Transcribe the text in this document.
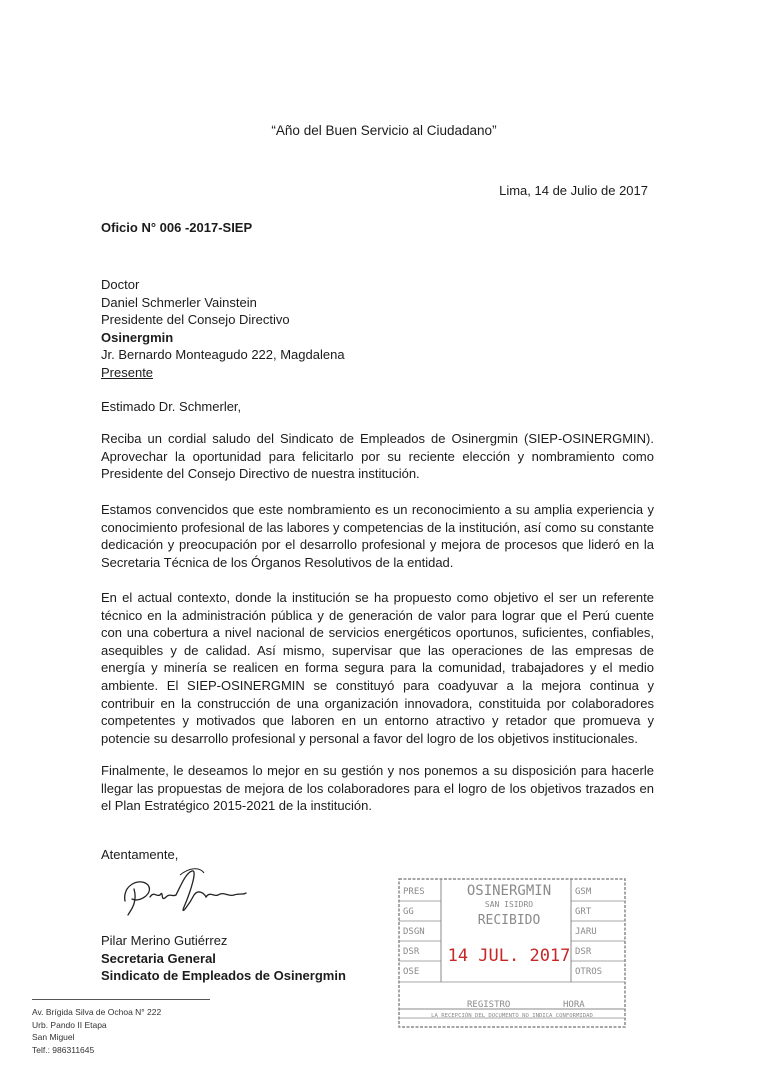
“Año del Buen Servicio al Ciudadano”
Lima, 14 de Julio de 2017
Oficio N° 006 -2017-SIEP
Doctor
Daniel Schmerler Vainstein
Presidente del Consejo Directivo
Osinergmin
Jr. Bernardo Monteagudo 222, Magdalena
Presente
Estimado Dr. Schmerler,
Reciba un cordial saludo del Sindicato de Empleados de Osinergmin (SIEP-OSINERGMIN). Aprovechar la oportunidad para felicitarlo por su reciente elección y nombramiento como Presidente del Consejo Directivo de nuestra institución.
Estamos convencidos que este nombramiento es un reconocimiento a su amplia experiencia y conocimiento profesional de las labores y competencias de la institución, así como su constante dedicación y preocupación por el desarrollo profesional y mejora de procesos que lideró en la Secretaria Técnica de los Órganos Resolutivos de la entidad.
En el actual contexto, donde la institución se ha propuesto como objetivo el ser un referente técnico en la administración pública y de generación de valor para lograr que el Perú cuente con una cobertura a nivel nacional de servicios energéticos oportunos, suficientes, confiables, asequibles y de calidad. Así mismo, supervisar que las operaciones de las empresas de energía y minería se realicen en forma segura para la comunidad, trabajadores y el medio ambiente. El SIEP-OSINERGMIN se constituyó para coadyuvar a la mejora continua y contribuir en la construcción de una organización innovadora, constituida por colaboradores competentes y motivados que laboren en un entorno atractivo y retador que promueva y potencie su desarrollo profesional y personal a favor del logro de los objetivos institucionales.
Finalmente, le deseamos lo mejor en su gestión y nos ponemos a su disposición para hacerle llegar las propuestas de mejora de los colaboradores para el logro de los objetivos trazados en el Plan Estratégico 2015-2021 de la institución.
Atentamente,
Pilar Merino Gutiérrez
Secretaria General
Sindicato de Empleados de Osinergmin
Av. Brígida Silva de Ochoa N° 222
Urb. Pando II Etapa
San Miguel
Telf.: 986311645
PRES
GG
DSGN
DSR
OSE
GSM
GRT
JARU
DSR
OTROS
OSINERGMIN
SAN ISIDRO
RECIBIDO
14 JUL. 2017
REGISTRO	HORA
LA RECEPCIÓN DEL DOCUMENTO NO INDICA CONFORMIDAD
